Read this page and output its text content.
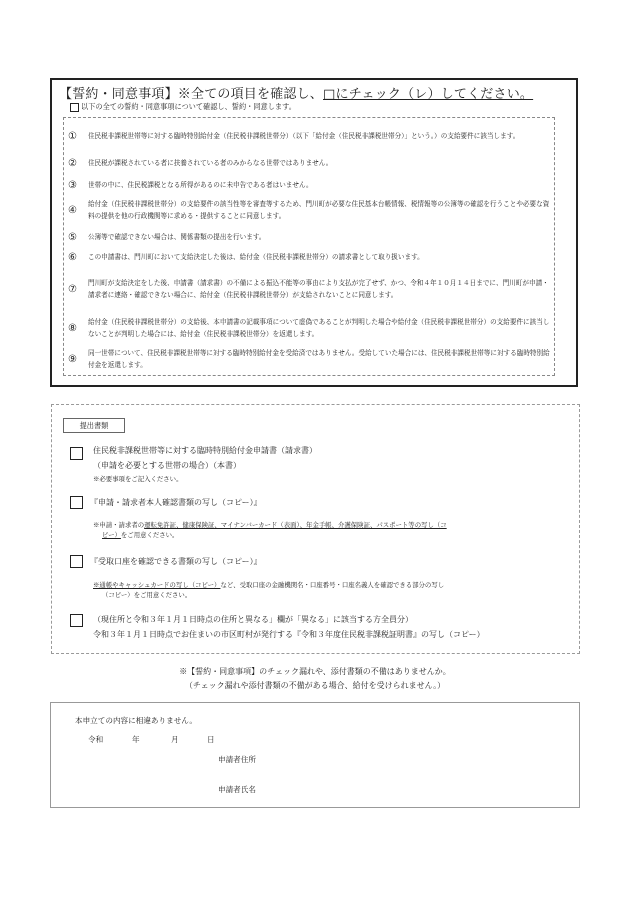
【誓約・同意事項】※全ての項目を確認し、□にチェック（レ）してください。
以下の全ての誓約・同意事項について確認し、誓約・同意します。
①	住民税非課税世帯等に対する臨時特別給付金（住民税非課税世帯分）（以下「給付金（住民税非課税世帯分）」という。）の支給要件に該当します。
②	住民税が課税されている者に扶養されている者のみからなる世帯ではありません。
③	世帯の中に、住民税課税となる所得があるのに未申告である者はいません。
④
給付金（住民税非課税世帯分）の支給要件の該当性等を審査等するため、門川町が必要な住民基本台帳情報、税情報等の公簿等の確認を行うことや必要な資料の提供を他の行政機関等に求める・提供することに同意します。
⑤	公簿等で確認できない場合は、関係書類の提出を行います。
⑥	この申請書は、門川町において支給決定した後は、給付金（住民税非課税世帯分）の請求書として取り扱います。
⑦
門川町が支給決定をした後、申請書（請求書）の不備による振込不能等の事由により支払が完了せず、かつ、令和４年１０月１４日までに、門川町が申請・請求者に連絡・確認できない場合に、給付金（住民税非課税世帯分）が支給されないことに同意します。
⑧
給付金（住民税非課税世帯分）の支給後、本申請書の記載事項について虚偽であることが判明した場合や給付金（住民税非課税世帯分）の支給要件に該当しないことが判明した場合には、給付金（住民税非課税世帯分）を返還します。
⑨
同一世帯について、住民税非課税世帯等に対する臨時特別給付金を受給済ではありません。受給していた場合には、住民税非課税世帯等に対する臨時特別給付金を返還します。
提出書類
住民税非課税世帯等に対する臨時特別給付金申請書（請求書）
（申請を必要とする世帯の場合）（本書）
※必要事項をご記入ください。
『申請・請求者本人確認書類の写し（コピー）』
※申請・請求者の運転免許証、健康保険証、マイナンバーカード（表面）、年金手帳、介護保険証、パスポート等の写し（コ
ピー）をご用意ください。
『受取口座を確認できる書類の写し（コピー）』
※通帳やキャッシュカードの写し（コピー）など、受取口座の金融機関名・口座番号・口座名義人を確認できる部分の写し
（コピー）をご用意ください。
（現住所と令和３年１月１日時点の住所と異なる」欄が「異なる」に該当する方全員分）
令和３年１月１日時点でお住まいの市区町村が発行する『令和３年度住民税非課税証明書』の写し（コピー）
※【誓約・同意事項】のチェック漏れや、添付書類の不備はありませんか。
（チェック漏れや添付書類の不備がある場合、給付を受けられません。）
本申立ての内容に相違ありません。
令和	年	月	日
申請者住所
申請者氏名
